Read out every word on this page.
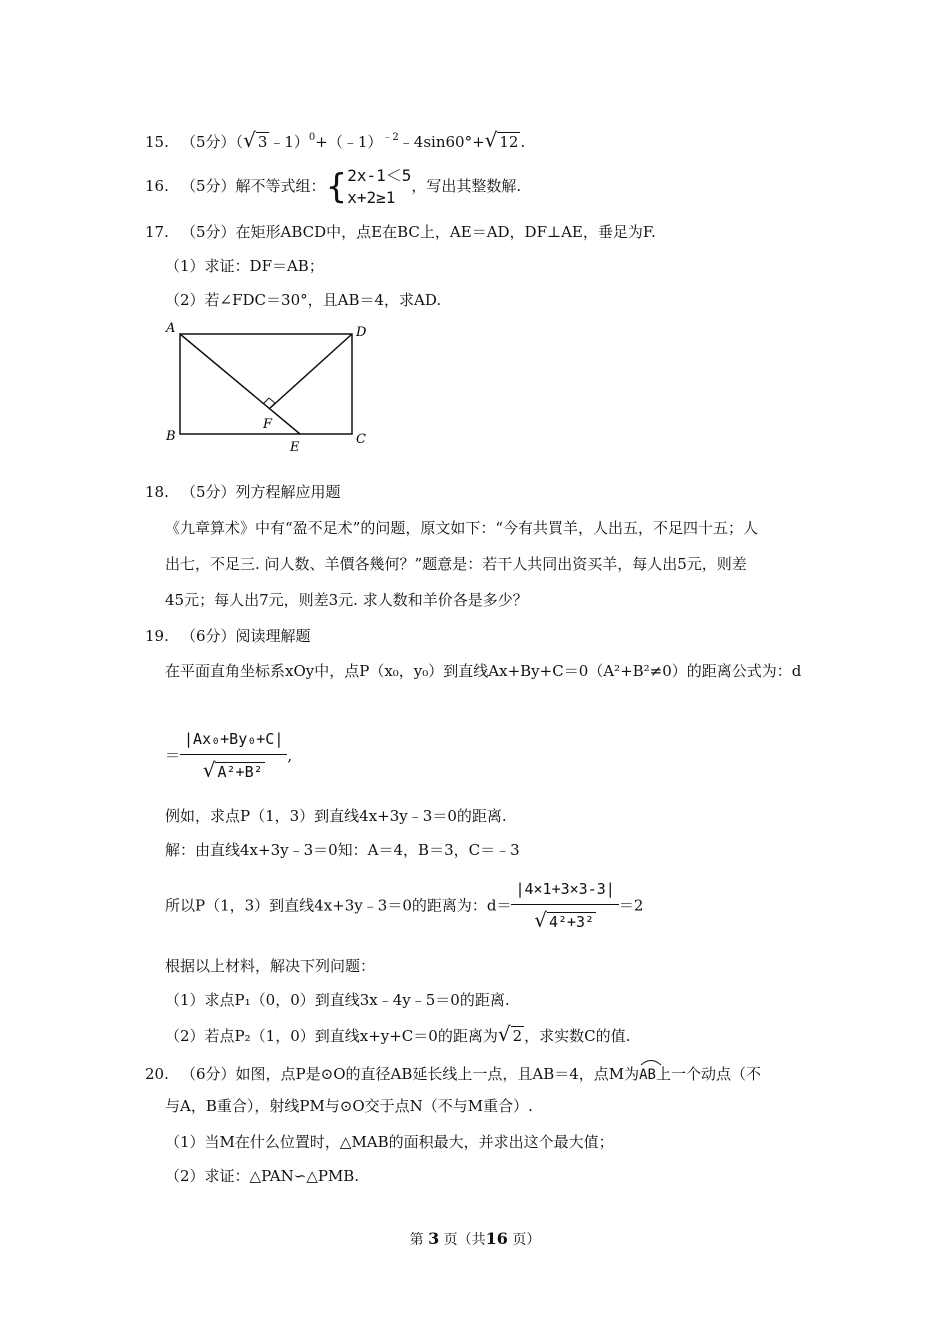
15. （5分）（√ 3 ﹣1）$^0$+（﹣1）$^{﹣2}$﹣4sin60°+√ 12 .
16. （5分）解不等式组：{ 2x-1＜5
x+2≥1
，写出其整数解.
17. （5分）在矩形ABCD中，点E在BC上，AE＝AD，DF⊥AE，垂足为F.
（1）求证：DF＝AB；
（2）若∠FDC＝30°，且AB＝4，求AD.
A	D
B	C
F
E
18. （5分）列方程解应用题
《九章算术》中有“盈不足术”的问题，原文如下：“今有共買羊，人出五，不足四十五；人
出七，不足三. 问人数、羊價各幾何？”题意是：若干人共同出资买羊，每人出5元，则差
45元；每人出7元，则差3元. 求人数和羊价各是多少？
19. （6分）阅读理解题
在平面直角坐标系xOy中，点P（x₀，y₀）到直线Ax+By+C＝0（A²+B²≠0）的距离公式为：d
＝ $\frac{\text{|Ax₀+By₀+C|}}{\text{√ A²+B²}}$ ,
例如，求点P（1，3）到直线4x+3y﹣3＝0的距离.
解：由直线4x+3y﹣3＝0知：A＝4，B＝3，C＝﹣3
所以P（1，3）到直线4x+3y﹣3＝0的距离为：$d= \frac{|4\times 1+3\times 3-3|}{\text{√ 4²+3²}} =2$
根据以上材料，解决下列问题：
（1）求点P₁（0，0）到直线3x﹣4y﹣5＝0的距离.
（2）若点P₂（1，0）到直线x+y+C＝0的距离为√ 2 ，求实数C的值.
20. （6分）如图，点P是⊙O的直径AB延长线上一点，且AB＝4，点M为
AB上一个动点（不
与A，B重合），射线PM与⊙O交于点N（不与M重合）.
（1）当M在什么位置时，△MAB的面积最大，并求出这个最大值；
（2）求证：△PAN∽△PMB.
第 3 页（共16 页）
